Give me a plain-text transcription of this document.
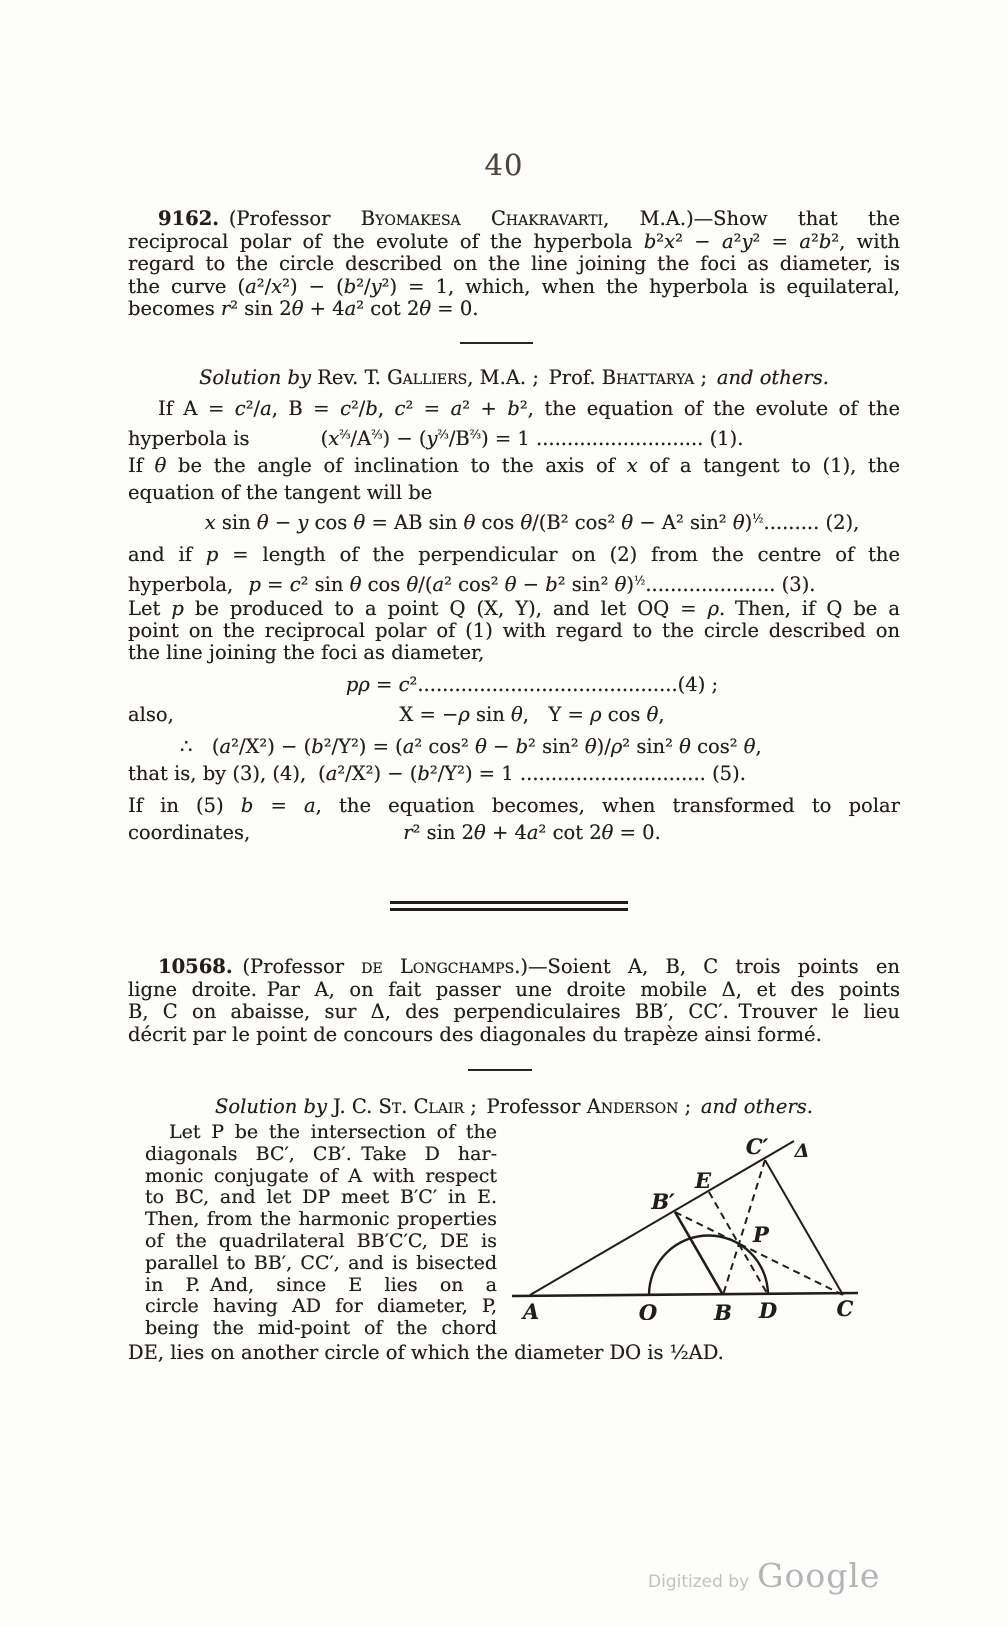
40
9162. (Professor Byomakesa Chakravarti, M.A.)—Show that the
reciprocal polar of the evolute of the hyperbola b²x² − a²y² = a²b², with
regard to the circle described on the line joining the foci as diameter, is
the curve (a²/x²) − (b²/y²) = 1, which, when the hyperbola is equilateral,
becomes r² sin 2θ + 4a² cot 2θ = 0.
Solution by Rev. T. Galliers, M.A. ; Prof. Bhattarya ; and others.
If A = c²/a, B = c²/b, c² = a² + b², the equation of the evolute of the
hyperbola is	$(x^{\frac{2}{3}}/A^{\frac{2}{3}}) - (y^{\frac{2}{3}}/B^{\frac{2}{3}}) = 1$ ........................... (1).
If θ be the angle of inclination to the axis of x of a tangent to (1), the
equation of the tangent will be
x sin θ − y cos θ = AB sin θ cos θ/(B² cos² θ − A² sin² θ)$^{\frac{1}{2}}$......... (2),
and if p = length of the perpendicular on (2) from the centre of the
hyperbola, p = c² sin θ cos θ/(a² cos² θ − b² sin² θ)$^{\frac{1}{2}}$..................... (3).
Let p be produced to a point Q (X, Y), and let OQ = ρ. Then, if Q be a
point on the reciprocal polar of (1) with regard to the circle described on
the line joining the foci as diameter,
pρ = c²..........................................(4) ;
also,	X = −ρ sin θ, Y = ρ cos θ,
∴ (a²/X²) − (b²/Y²) = (a² cos² θ − b² sin² θ)/ρ² sin² θ cos² θ,
that is, by (3), (4), (a²/X²) − (b²/Y²) = 1 .............................. (5).
If in (5) b = a, the equation becomes, when transformed to polar
coordinates,	r² sin 2θ + 4a² cot 2θ = 0.
10568. (Professor de Longchamps.)—Soient A, B, C trois points en
ligne droite. Par A, on fait passer une droite mobile Δ, et des points
B, C on abaisse, sur Δ, des perpendiculaires BB′, CC′. Trouver le lieu
décrit par le point de concours des diagonales du trapèze ainsi formé.
Solution by J. C. St. Clair ; Professor Anderson ; and others.
Let P be the intersection of the
diagonals BC′, CB′. Take D har-
monic conjugate of A with respect
to BC, and let DP meet B′C′ in E.
Then, from the harmonic properties
of the quadrilateral BB′C′C, DE is
parallel to BB′, CC′, and is bisected
in P. And, since E lies on a
circle having AD for diameter, P,
being the mid-point of the chord
DE, lies on another circle of which the diameter DO is ½AD.
A	O	B D	C
B′
C′
E
P
Δ
Digitized by Google
